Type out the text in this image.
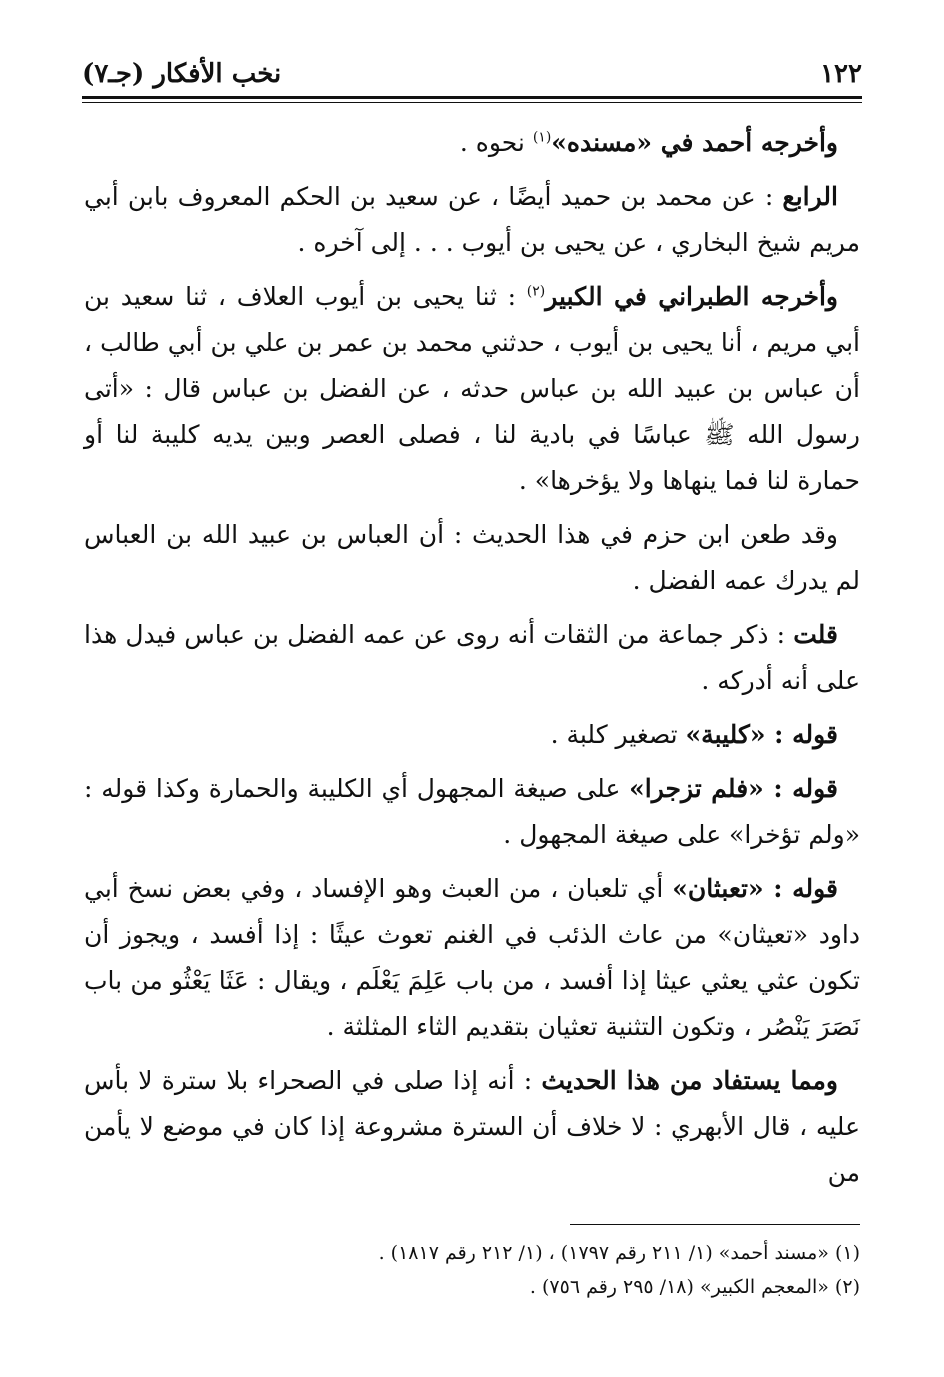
١٢٢
نخب الأفكار (جـ٧)

وأخرجه أحمد في «مسنده»$^{(١)}$ نحوه .

الرابع : عن محمد بن حميد أيضًا ، عن سعيد بن الحكم المعروف بابن أبي مريم شيخ البخاري ، عن يحيى بن أيوب . . . إلى آخره .

وأخرجه الطبراني في الكبير$^{(٢)}$ : ثنا يحيى بن أيوب العلاف ، ثنا سعيد بن أبي مريم ، أنا يحيى بن أيوب ، حدثني محمد بن عمر بن علي بن أبي طالب ، أن عباس بن عبيد الله بن عباس حدثه ، عن الفضل بن عباس قال : «أتى رسول الله ﷺ عباسًا في بادية لنا ، فصلى العصر وبين يديه كليبة لنا أو حمارة لنا فما ينهاها ولا يؤخرها» .

وقد طعن ابن حزم في هذا الحديث : أن العباس بن عبيد الله بن العباس لم يدرك عمه الفضل .

قلت : ذكر جماعة من الثقات أنه روى عن عمه الفضل بن عباس فيدل هذا على أنه أدركه .

قوله : «كليبة» تصغير كلبة .

قوله : «فلم تزجرا» على صيغة المجهول أي الكليبة والحمارة وكذا قوله : «ولم تؤخرا» على صيغة المجهول .

قوله : «تعبثان» أي تلعبان ، من العبث وهو الإفساد ، وفي بعض نسخ أبي داود «تعيثان» من عاث الذئب في الغنم تعوث عيثًا : إذا أفسد ، ويجوز أن تكون عثي يعثي عيثا إذا أفسد ، من باب عَلِمَ يَعْلَم ، ويقال : عَثَا يَعْثُو من باب نَصَرَ يَنْصُر ، وتكون التثنية تعثيان بتقديم الثاء المثلثة .

ومما يستفاد من هذا الحديث : أنه إذا صلى في الصحراء بلا سترة لا بأس عليه ، قال الأبهري : لا خلاف أن السترة مشروعة إذا كان في موضع لا يأمن من

(١) «مسند أحمد» (١/ ٢١١ رقم ١٧٩٧) ، (١/ ٢١٢ رقم ١٨١٧) .

(٢) «المعجم الكبير» (١٨/ ٢٩٥ رقم ٧٥٦) .
